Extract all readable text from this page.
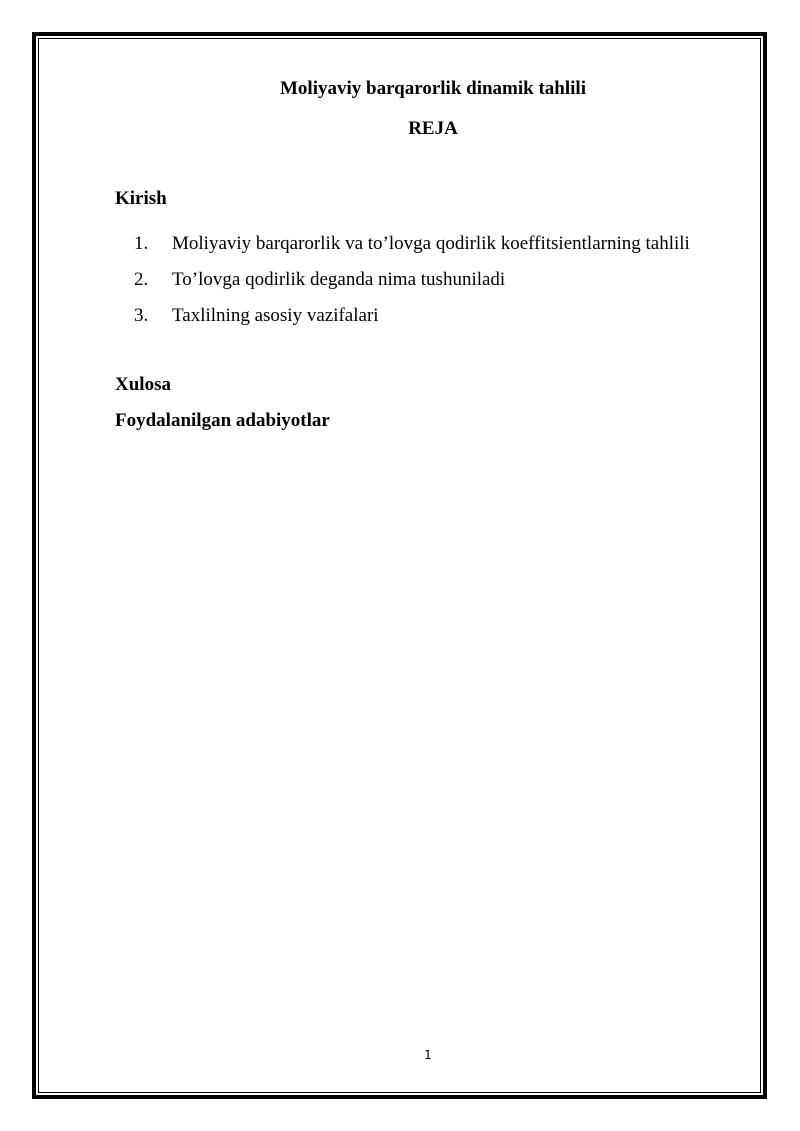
Moliyaviy barqarorlik dinamik tahlili
REJA

Kirish

1.	Moliyaviy barqarorlik va to’lovga qodirlik koeffitsientlarning tahlili
2.	To’lovga qodirlik deganda nima tushuniladi
3.	Taxlilning asosiy vazifalari

Xulosa

Foydalanilgan adabiyotlar

1
